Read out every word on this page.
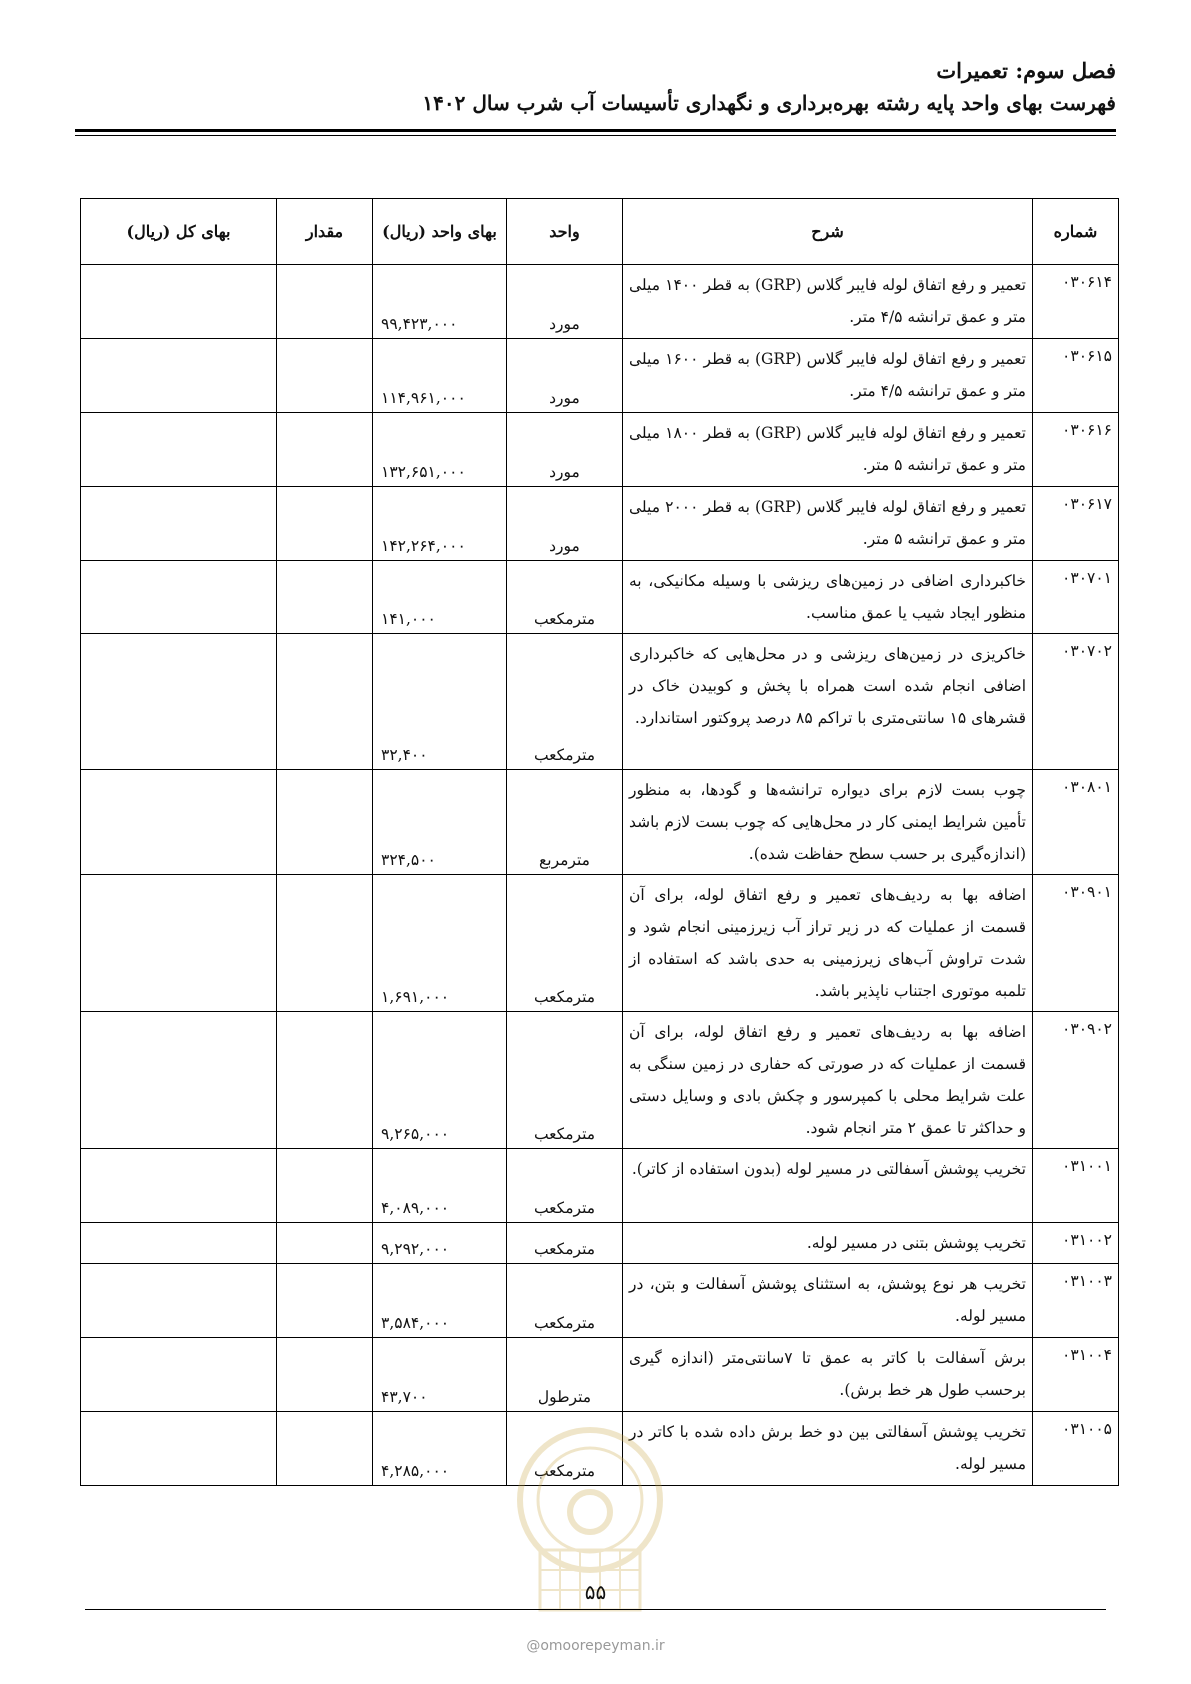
فصل سوم: تعمیرات
فهرست بهای واحد پایه رشته بهره‌برداری و نگهداری تأسیسات آب شرب سال ۱۴۰۲
شماره	شرح	واحد	بهای واحد (ریال)	مقدار	بهای کل (ریال)
۰۳۰۶۱۴	تعمیر و رفع اتفاق لوله فایبر گلاس (GRP) به قطر ۱۴۰۰ میلی متر و عمق ترانشه ۴/۵ متر.	مورد	۹۹,۴۲۳,۰۰۰		
۰۳۰۶۱۵	تعمیر و رفع اتفاق لوله فایبر گلاس (GRP) به قطر ۱۶۰۰ میلی متر و عمق ترانشه ۴/۵ متر.	مورد	۱۱۴,۹۶۱,۰۰۰		
۰۳۰۶۱۶	تعمیر و رفع اتفاق لوله فایبر گلاس (GRP) به قطر ۱۸۰۰ میلی متر و عمق ترانشه ۵ متر.	مورد	۱۳۲,۶۵۱,۰۰۰		
۰۳۰۶۱۷	تعمیر و رفع اتفاق لوله فایبر گلاس (GRP) به قطر ۲۰۰۰ میلی متر و عمق ترانشه ۵ متر.	مورد	۱۴۲,۲۶۴,۰۰۰		
۰۳۰۷۰۱	خاکبرداری اضافی در زمین‌های ریزشی با وسیله مکانیکی، به منظور ایجاد شیب یا عمق مناسب.	مترمکعب	۱۴۱,۰۰۰		
۰۳۰۷۰۲	خاکریزی در زمین‌های ریزشی و در محل‌هایی که خاکبرداری اضافی انجام شده است همراه با پخش و کوبیدن خاک در قشرهای ۱۵ سانتی‌متری با تراکم ۸۵ درصد پروکتور استاندارد.	مترمکعب	۳۲,۴۰۰		
۰۳۰۸۰۱	چوب بست لازم برای دیواره ترانشه‌ها و گودها، به منظور تأمین شرایط ایمنی کار در محل‌هایی که چوب بست لازم باشد (اندازه‌گیری بر حسب سطح حفاظت شده).	مترمربع	۳۲۴,۵۰۰		
۰۳۰۹۰۱	اضافه بها به ردیف‌های تعمیر و رفع اتفاق لوله، برای آن قسمت از عملیات که در زیر تراز آب زیرزمینی انجام شود و شدت تراوش آب‌های زیرزمینی به حدی باشد که استفاده از تلمبه موتوری اجتناب ناپذیر باشد.	مترمکعب	۱,۶۹۱,۰۰۰		
۰۳۰۹۰۲	اضافه بها به ردیف‌های تعمیر و رفع اتفاق لوله، برای آن قسمت از عملیات که در صورتی که حفاری در زمین سنگی به علت شرایط محلی با کمپرسور و چکش بادی و وسایل دستی و حداکثر تا عمق ۲ متر انجام شود.	مترمکعب	۹,۲۶۵,۰۰۰		
۰۳۱۰۰۱	تخریب پوشش آسفالتی در مسیر لوله (بدون استفاده از کاتر).	مترمکعب	۴,۰۸۹,۰۰۰		
۰۳۱۰۰۲	تخریب پوشش بتنی در مسیر لوله.	مترمکعب	۹,۲۹۲,۰۰۰		
۰۳۱۰۰۳	تخریب هر نوع پوشش، به استثنای پوشش آسفالت و بتن، در مسیر لوله.	مترمکعب	۳,۵۸۴,۰۰۰		
۰۳۱۰۰۴	برش آسفالت با کاتر به عمق تا ۷سانتی‌متر (اندازه گیری برحسب طول هر خط برش).	مترطول	۴۳,۷۰۰		
۰۳۱۰۰۵	تخریب پوشش آسفالتی بین دو خط برش داده شده با کاتر در مسیر لوله.	مترمکعب	۴,۲۸۵,۰۰۰		
۵۵
@omoorepeyman.ir
